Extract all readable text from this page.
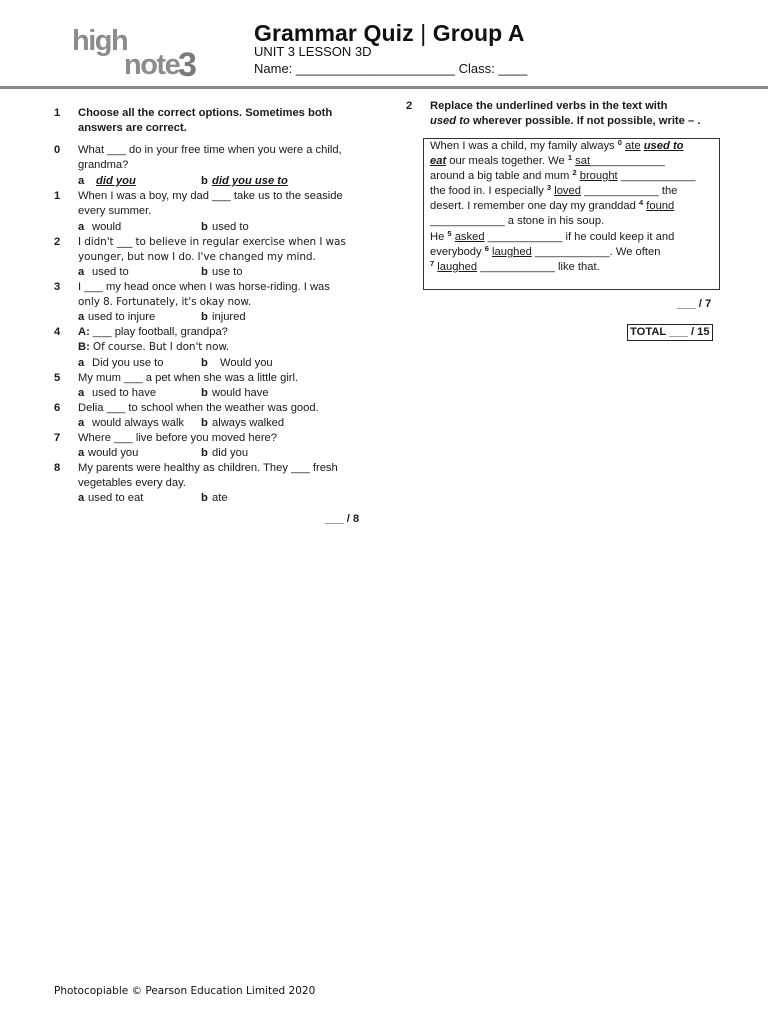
high
note
3
Grammar Quiz | Group A
UNIT 3 LESSON 3D
Name: ______________________ Class: ____
1 Choose all the correct options. Sometimes both
answers are correct.
0 What ___ do in your free time when you were a child,
grandma?
a did you	b did you use to
1 When I was a boy, my dad ___ take us to the seaside
every summer.
a would	b used to
2 I didn't ___ to believe in regular exercise when I was
younger, but now I do. I've changed my mind.
a used to	b use to
3 I ___ my head once when I was horse-riding. I was
only 8. Fortunately, it's okay now.
a used to injure	b injured
4 A: ___ play football, grandpa?
B: Of course. But I don't now.
a Did you use to	b Would you
5 My mum ___ a pet when she was a little girl.
a used to have	b would have
6 Delia ___ to school when the weather was good.
a would always walk b always walked
7 Where ___ live before you moved here?
a would you	b did you
8 My parents were healthy as children. They ___ fresh
vegetables every day.
a used to eat	b ate
___ / 8
2 Replace the underlined verbs in the text with
used to wherever possible. If not possible, write – .
When I was a child, my family always $^0$ ate used to
eat our meals together. We $^1$ sat____________
around a big table and mum $^2$ brought ____________
the food in. I especially $^3$ loved ____________ the
desert. I remember one day my granddad $^4$ found
____________ a stone in his soup.
He $^5$ asked ____________ if he could keep it and
everybody $^6$ laughed ____________. We often
$^7$ laughed ____________ like that.
___ / 7
TOTAL ___ / 15
Photocopiable © Pearson Education Limited 2020
